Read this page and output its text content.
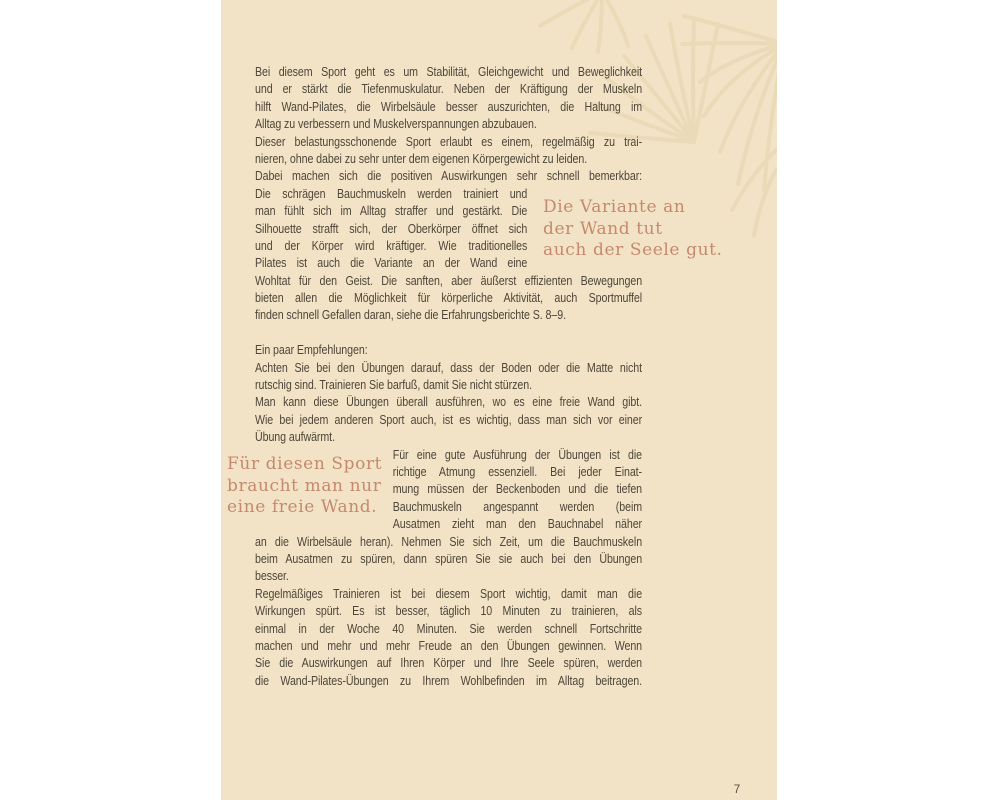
Bei diesem Sport geht es um Stabilität, Gleichgewicht und Beweglichkeit
und er stärkt die Tiefenmuskulatur. Neben der Kräftigung der Muskeln
hilft Wand-Pilates, die Wirbelsäule besser auszurichten, die Haltung im
Alltag zu verbessern und Muskelverspannungen abzubauen.
Dieser belastungsschonende Sport erlaubt es einem, regelmäßig zu trai-
nieren, ohne dabei zu sehr unter dem eigenen Körpergewicht zu leiden.
Dabei machen sich die positiven Auswirkungen sehr schnell bemerkbar:
Die schrägen Bauchmuskeln werden trainiert und
man fühlt sich im Alltag straffer und gestärkt. Die
Silhouette strafft sich, der Oberkörper öffnet sich
und der Körper wird kräftiger. Wie traditionelles
Pilates ist auch die Variante an der Wand eine
Wohltat für den Geist. Die sanften, aber äußerst effizienten Bewegungen
bieten allen die Möglichkeit für körperliche Aktivität, auch Sportmuffel
finden schnell Gefallen daran, siehe die Erfahrungsberichte S. 8–9.
Ein paar Empfehlungen:
Achten Sie bei den Übungen darauf, dass der Boden oder die Matte nicht
rutschig sind. Trainieren Sie barfuß, damit Sie nicht stürzen.
Man kann diese Übungen überall ausführen, wo es eine freie Wand gibt.
Wie bei jedem anderen Sport auch, ist es wichtig, dass man sich vor einer
Übung aufwärmt.
Für eine gute Ausführung der Übungen ist die
richtige Atmung essenziell. Bei jeder Einat-
mung müssen der Beckenboden und die tiefen
Bauchmuskeln angespannt werden (beim
Ausatmen zieht man den Bauchnabel näher
an die Wirbelsäule heran). Nehmen Sie sich Zeit, um die Bauchmuskeln
beim Ausatmen zu spüren, dann spüren Sie sie auch bei den Übungen
besser.
Regelmäßiges Trainieren ist bei diesem Sport wichtig, damit man die
Wirkungen spürt. Es ist besser, täglich 10 Minuten zu trainieren, als
einmal in der Woche 40 Minuten. Sie werden schnell Fortschritte
machen und mehr und mehr Freude an den Übungen gewinnen. Wenn
Sie die Auswirkungen auf Ihren Körper und Ihre Seele spüren, werden
die Wand-Pilates-Übungen zu Ihrem Wohlbefinden im Alltag beitragen.
Die Variante an
der Wand tut
auch der Seele gut.
Für diesen Sport
braucht man nur
eine freie Wand.
7
